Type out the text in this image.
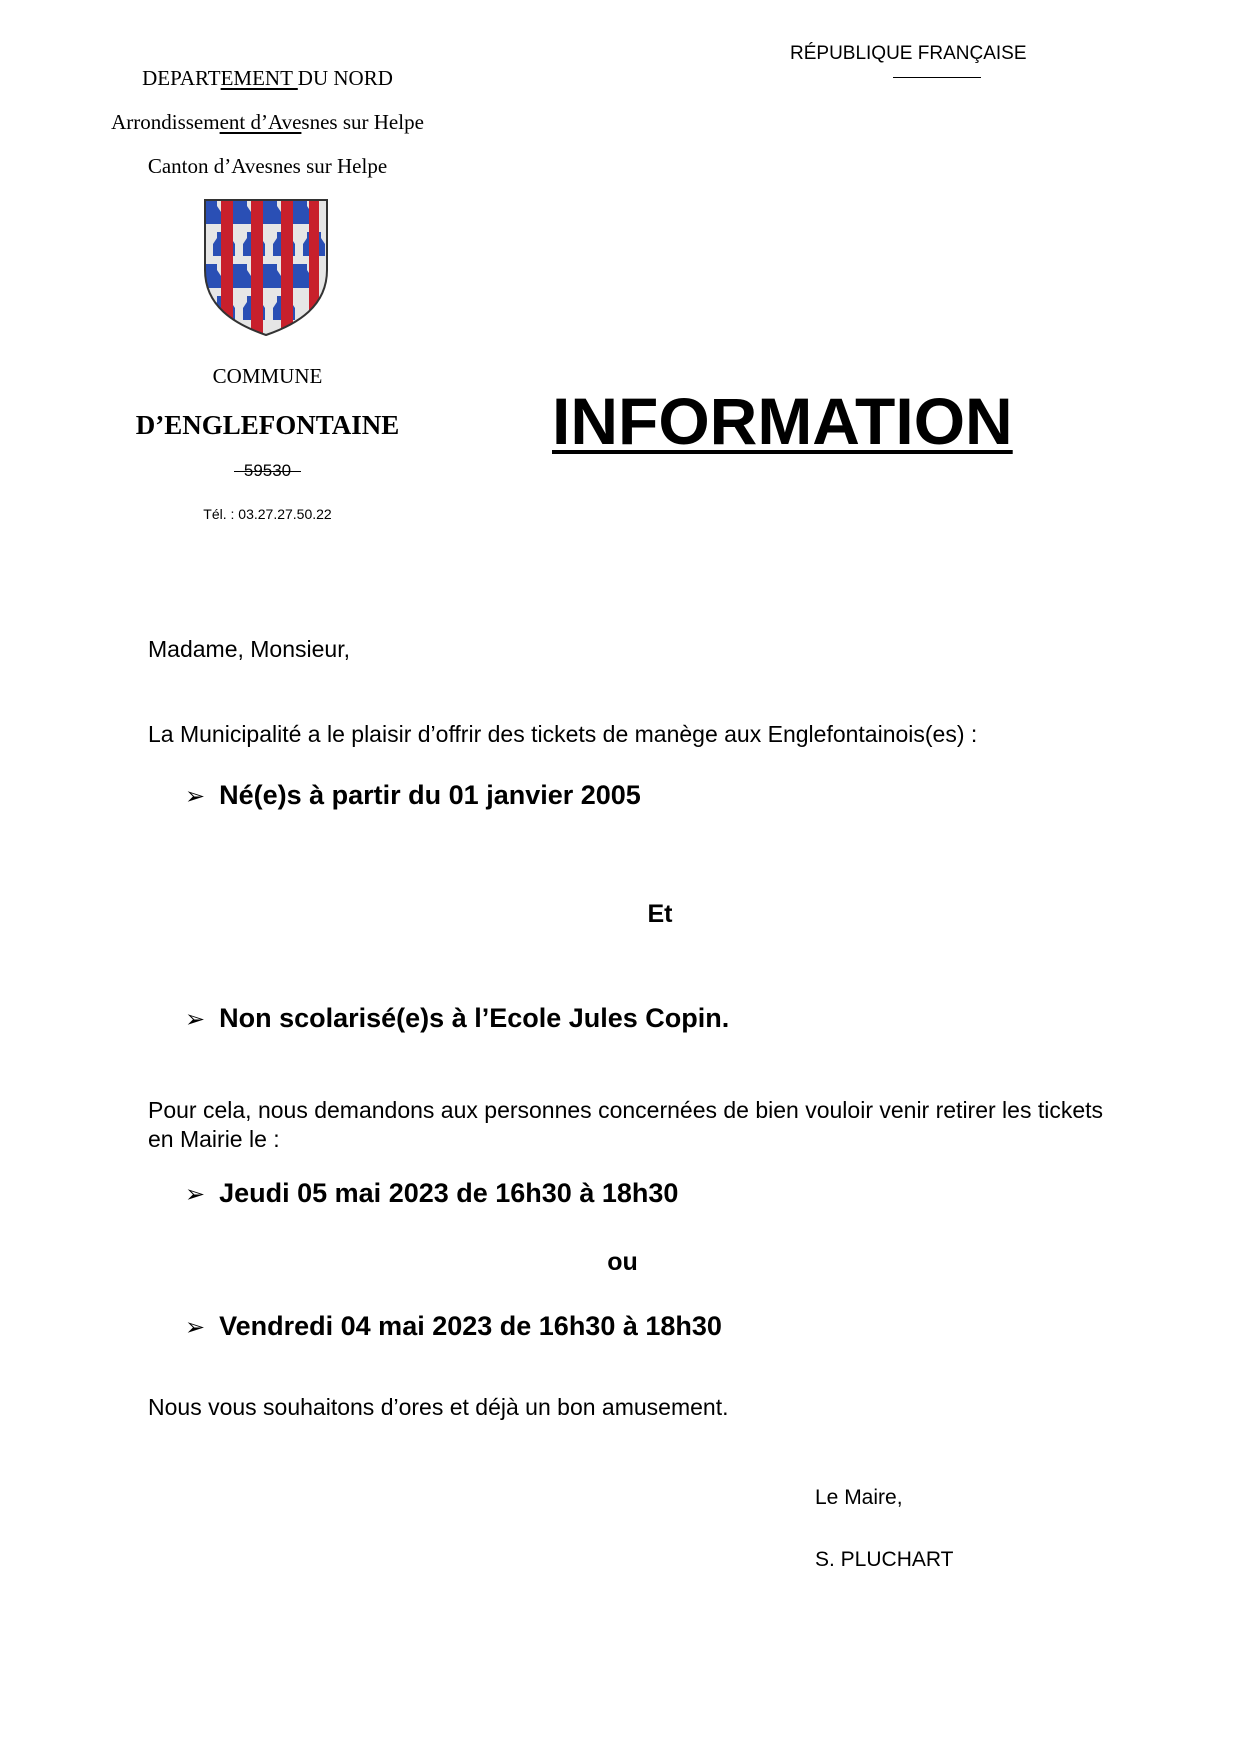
DEPARTEMENT DU NORD
Arrondissement d’Avesnes sur Helpe
Canton d’Avesnes sur Helpe
COMMUNE
D’ENGLEFONTAINE
59530
Tél. : 03.27.27.50.22
RÉPUBLIQUE FRANÇAISE
INFORMATION
Madame, Monsieur,
La Municipalité a le plaisir d’offrir des tickets de manège aux Englefontainois(es) :
➢ Né(e)s à partir du 01 janvier 2005
Et
➢ Non scolarisé(e)s à l’Ecole Jules Copin.
Pour cela, nous demandons aux personnes concernées de bien vouloir venir retirer les tickets en Mairie le :
➢ Jeudi 05 mai 2023 de 16h30 à 18h30
ou
➢ Vendredi 04 mai 2023 de 16h30 à 18h30
Nous vous souhaitons d’ores et déjà un bon amusement.
Le Maire,
S. PLUCHART
